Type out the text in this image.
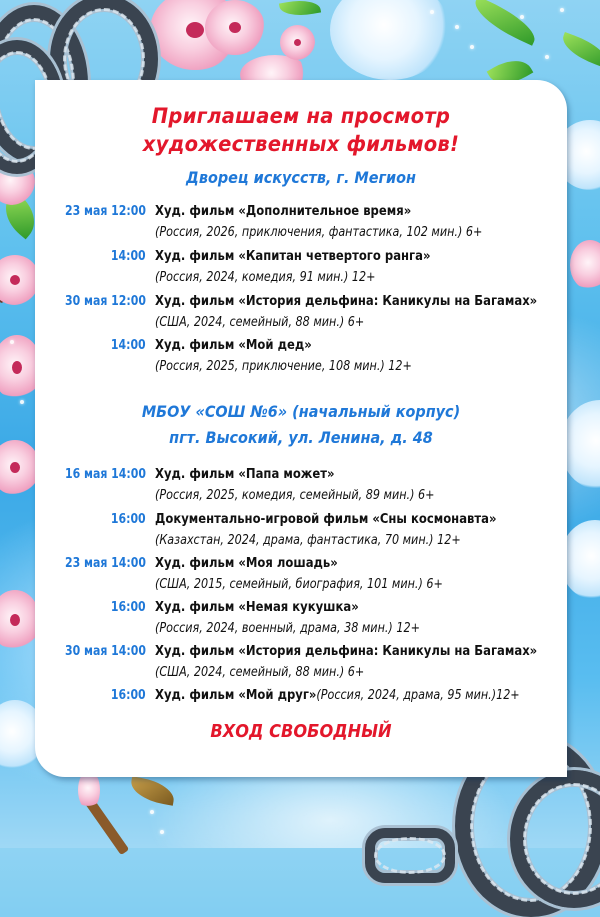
Приглашаем на просмотр
художественных фильмов!
Дворец искусств, г. Мегион
23 мая 12:00 Худ. фильм «Дополнительное время»
(Россия, 2026, приключения, фантастика, 102 мин.) 6+
14:00 Худ. фильм «Капитан четвертого ранга»
(Россия, 2024, комедия, 91 мин.) 12+
30 мая 12:00 Худ. фильм «История дельфина: Каникулы на Багамах»
(США, 2024, семейный, 88 мин.) 6+
14:00 Худ. фильм «Мой дед»
(Россия, 2025, приключение, 108 мин.) 12+
МБОУ «СОШ №6» (начальный корпус)
пгт. Высокий, ул. Ленина, д. 48
16 мая 14:00 Худ. фильм «Папа может»
(Россия, 2025, комедия, семейный, 89 мин.) 6+
16:00 Документально-игровой фильм «Сны космонавта»
(Казахстан, 2024, драма, фантастика, 70 мин.) 12+
23 мая 14:00 Худ. фильм «Моя лошадь»
(США, 2015, семейный, биография, 101 мин.) 6+
16:00 Худ. фильм «Немая кукушка»
(Россия, 2024, военный, драма, 38 мин.) 12+
30 мая 14:00 Худ. фильм «История дельфина: Каникулы на Багамах»
(США, 2024, семейный, 88 мин.) 6+
16:00 Худ. фильм «Мой друг»(Россия, 2024, драма, 95 мин.)12+
ВХОД СВОБОДНЫЙ
